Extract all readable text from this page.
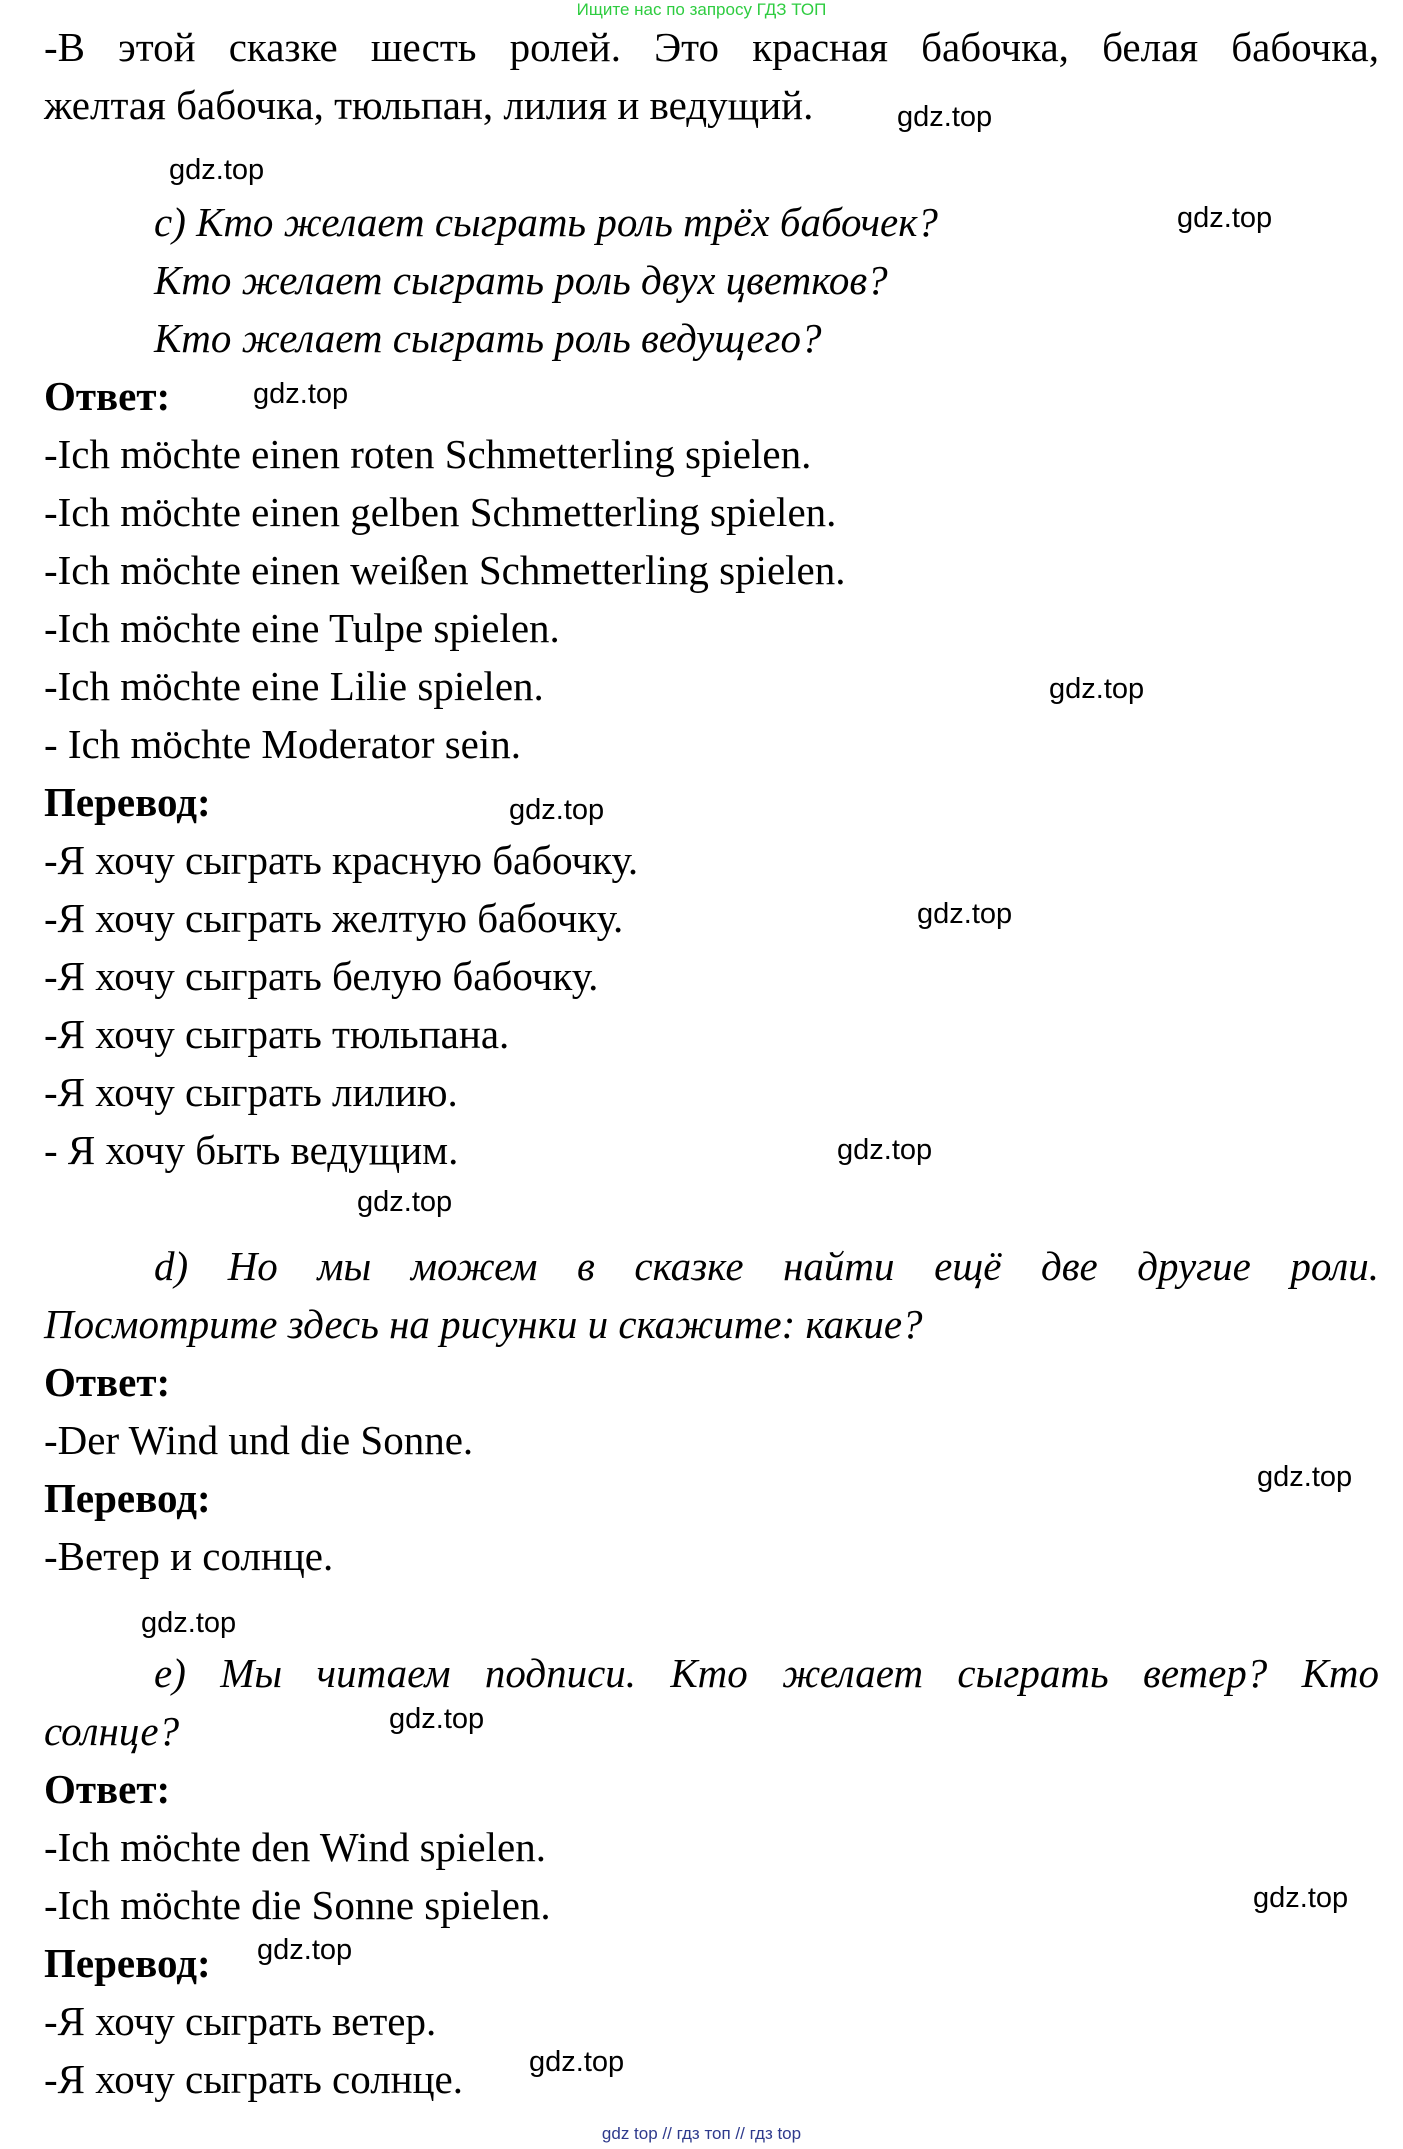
Ищите нас по запросу ГДЗ ТОП
-В этой сказке шесть ролей. Это красная бабочка, белая бабочка,
желтая бабочка, тюльпан, лилия и ведущий.
c) Кто желает сыграть роль трёх бабочек?
Кто желает сыграть роль двух цветков?
Кто желает сыграть роль ведущего?
Ответ:
-Ich möchte einen roten Schmetterling spielen.
-Ich möchte einen gelben Schmetterling spielen.
-Ich möchte einen weißen Schmetterling spielen.
-Ich möchte eine Tulpe spielen.
-Ich möchte eine Lilie spielen.
- Ich möchte Moderator sein.
Перевод:
-Я хочу сыграть красную бабочку.
-Я хочу сыграть желтую бабочку.
-Я хочу сыграть белую бабочку.
-Я хочу сыграть тюльпана.
-Я хочу сыграть лилию.
- Я хочу быть ведущим.
d) Но мы можем в сказке найти ещё две другие роли.
Посмотрите здесь на рисунки и скажите: какие?
Ответ:
-Der Wind und die Sonne.
Перевод:
-Ветер и солнце.
e) Мы читаем подписи. Кто желает сыграть ветер? Кто
солнце?
Ответ:
-Ich möchte den Wind spielen.
-Ich möchte die Sonne spielen.
Перевод:
-Я хочу сыграть ветер.
-Я хочу сыграть солнце.
gdz.top
gdz.top
gdz.top
gdz.top
gdz.top
gdz.top
gdz.top
gdz.top
gdz.top
gdz.top
gdz.top
gdz.top
gdz.top
gdz.top
gdz.top
gdz top // гдз топ // гдз top
